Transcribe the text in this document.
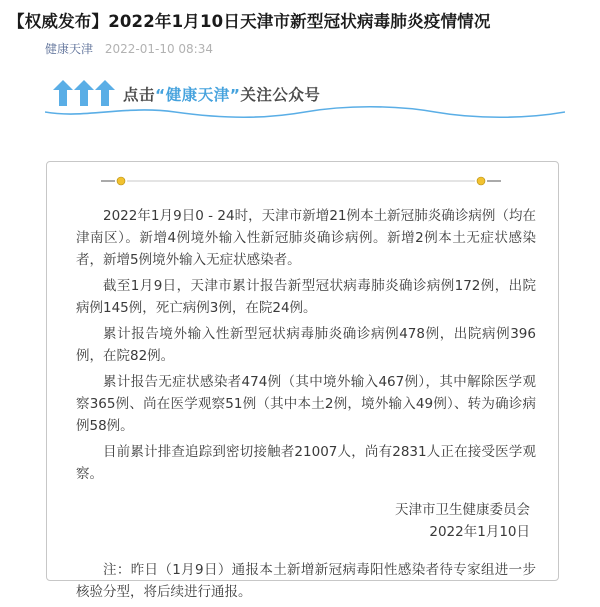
【权威发布】2022年1月10日天津市新型冠状病毒肺炎疫情情况
健康天津 2022-01-10 08:34
点击“健康天津”关注公众号

2022年1月9日0 - 24时，天津市新增21例本土新冠肺炎确诊病例（均在津南区）。新增4例境外输入性新冠肺炎确诊病例。新增2例本土无症状感染者，新增5例境外输入无症状感染者。

截至1月9日，天津市累计报告新型冠状病毒肺炎确诊病例172例，出院病例145例，死亡病例3例，在院24例。

累计报告境外输入性新型冠状病毒肺炎确诊病例478例，出院病例396例，在院82例。

累计报告无症状感染者474例（其中境外输入467例），其中解除医学观察365例、尚在医学观察51例（其中本土2例，境外输入49例）、转为确诊病例58例。

目前累计排查追踪到密切接触者21007人，尚有2831人正在接受医学观察。

天津市卫生健康委员会
2022年1月10日

注：昨日（1月9日）通报本土新增新冠病毒阳性感染者待专家组进一步核验分型，将后续进行通报。
